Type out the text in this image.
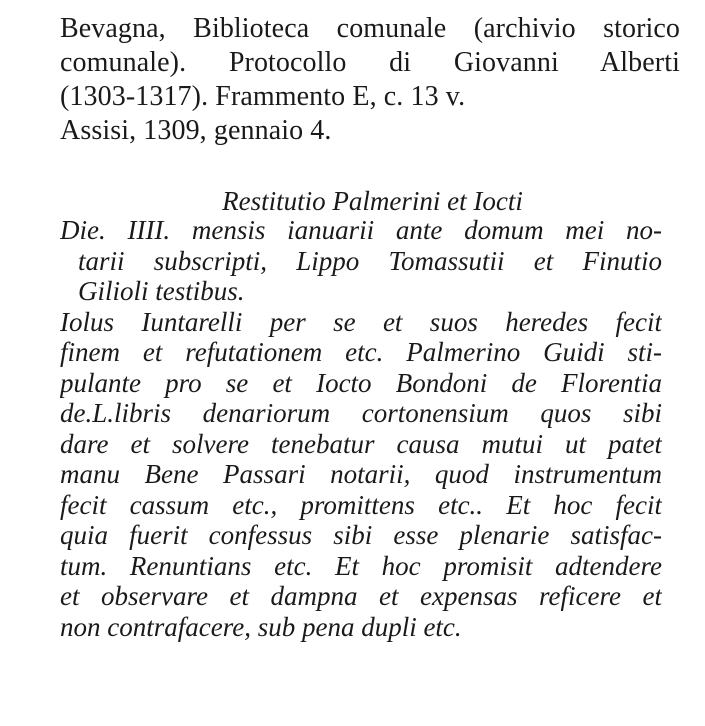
Bevagna, Biblioteca comunale (archivio storico
comunale). Protocollo di Giovanni Alberti
(1303-1317). Frammento E, c. 13 v.
Assisi, 1309, gennaio 4.
Restitutio Palmerini et Iocti
Die. IIII. mensis ianuarii ante domum mei no-
tarii subscripti, Lippo Tomassutii et Finutio
Gilioli testibus.
Iolus Iuntarelli per se et suos heredes fecit
finem et refutationem etc. Palmerino Guidi sti-
pulante pro se et Iocto Bondoni de Florentia
de.L.libris denariorum cortonensium quos sibi
dare et solvere tenebatur causa mutui ut patet
manu Bene Passari notarii, quod instrumentum
fecit cassum etc., promittens etc.. Et hoc fecit
quia fuerit confessus sibi esse plenarie satisfac-
tum. Renuntians etc. Et hoc promisit adtendere
et observare et dampna et expensas reficere et
non contrafacere, sub pena dupli etc.
